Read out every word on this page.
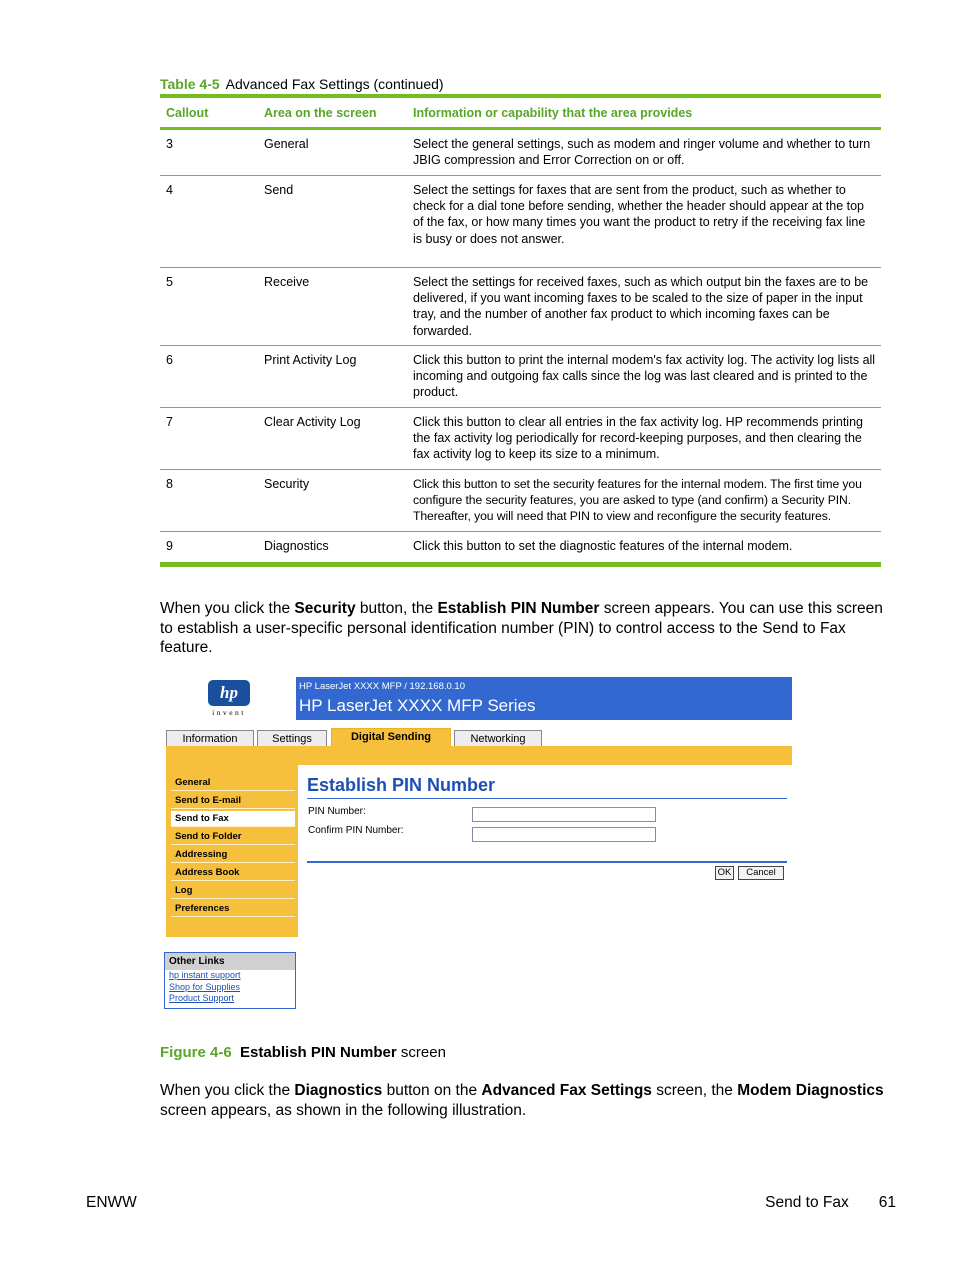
Table 4-5 Advanced Fax Settings (continued)
Callout	Area on the screen	Information or capability that the area provides
3	General	Select the general settings, such as modem and ringer volume and whether to turn JBIG compression and Error Correction on or off.
4	Send	Select the settings for faxes that are sent from the product, such as whether to check for a dial tone before sending, whether the header should appear at the top of the fax, or how many times you want the product to retry if the receiving fax line is busy or does not answer.
5	Receive	Select the settings for received faxes, such as which output bin the faxes are to be delivered, if you want incoming faxes to be scaled to the size of paper in the input tray, and the number of another fax product to which incoming faxes can be forwarded.
6	Print Activity Log	Click this button to print the internal modem's fax activity log. The activity log lists all incoming and outgoing fax calls since the log was last cleared and is printed to the product.
7	Clear Activity Log	Click this button to clear all entries in the fax activity log. HP recommends printing the fax activity log periodically for record-keeping purposes, and then clearing the fax activity log to keep its size to a minimum.
8	Security	Click this button to set the security features for the internal modem. The first time you configure the security features, you are asked to type (and confirm) a Security PIN. Thereafter, you will need that PIN to view and reconfigure the security features.
9	Diagnostics	Click this button to set the diagnostic features of the internal modem.
When you click the Security button, the Establish PIN Number screen appears. You can use this screen to establish a user-specific personal identification number (PIN) to control access to the Send to Fax feature.
hp
invent
HP LaserJet XXXX MFP / 192.168.0.10
HP LaserJet XXXX MFP Series
Information	Settings	Digital Sending	Networking
General
Send to E-mail
Send to Fax
Send to Folder
Addressing
Address Book
Log
Preferences
Establish PIN Number
PIN Number:
Confirm PIN Number:
OK	Cancel
Other Links
hp instant support
Shop for Supplies
Product Support
Figure 4-6 Establish PIN Number screen
When you click the Diagnostics button on the Advanced Fax Settings screen, the Modem Diagnostics screen appears, as shown in the following illustration.
ENWW	Send to Fax 61
